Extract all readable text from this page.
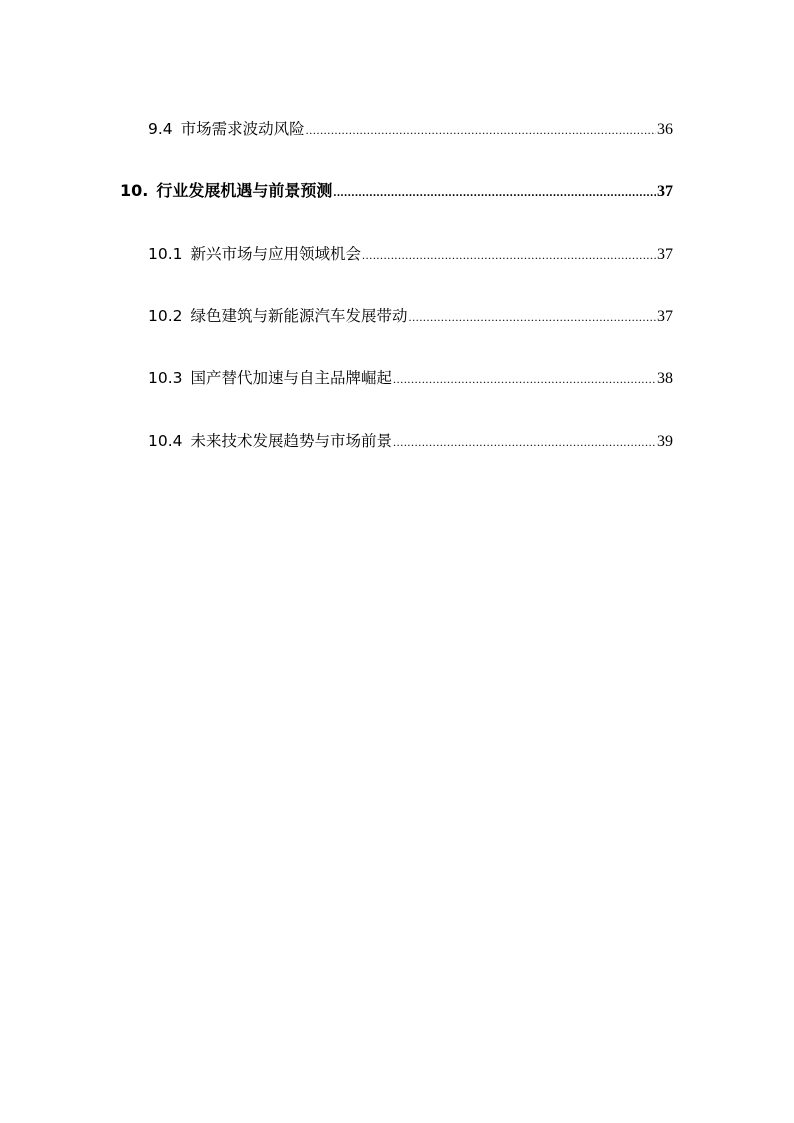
9.4 市场需求波动风险 .....	36
10. 行业发展机遇与前景预测 .....	37
10.1 新兴市场与应用领域机会 .....	37
10.2 绿色建筑与新能源汽车发展带动 .....	37
10.3 国产替代加速与自主品牌崛起 .....	38
10.4 未来技术发展趋势与市场前景 .....	39
